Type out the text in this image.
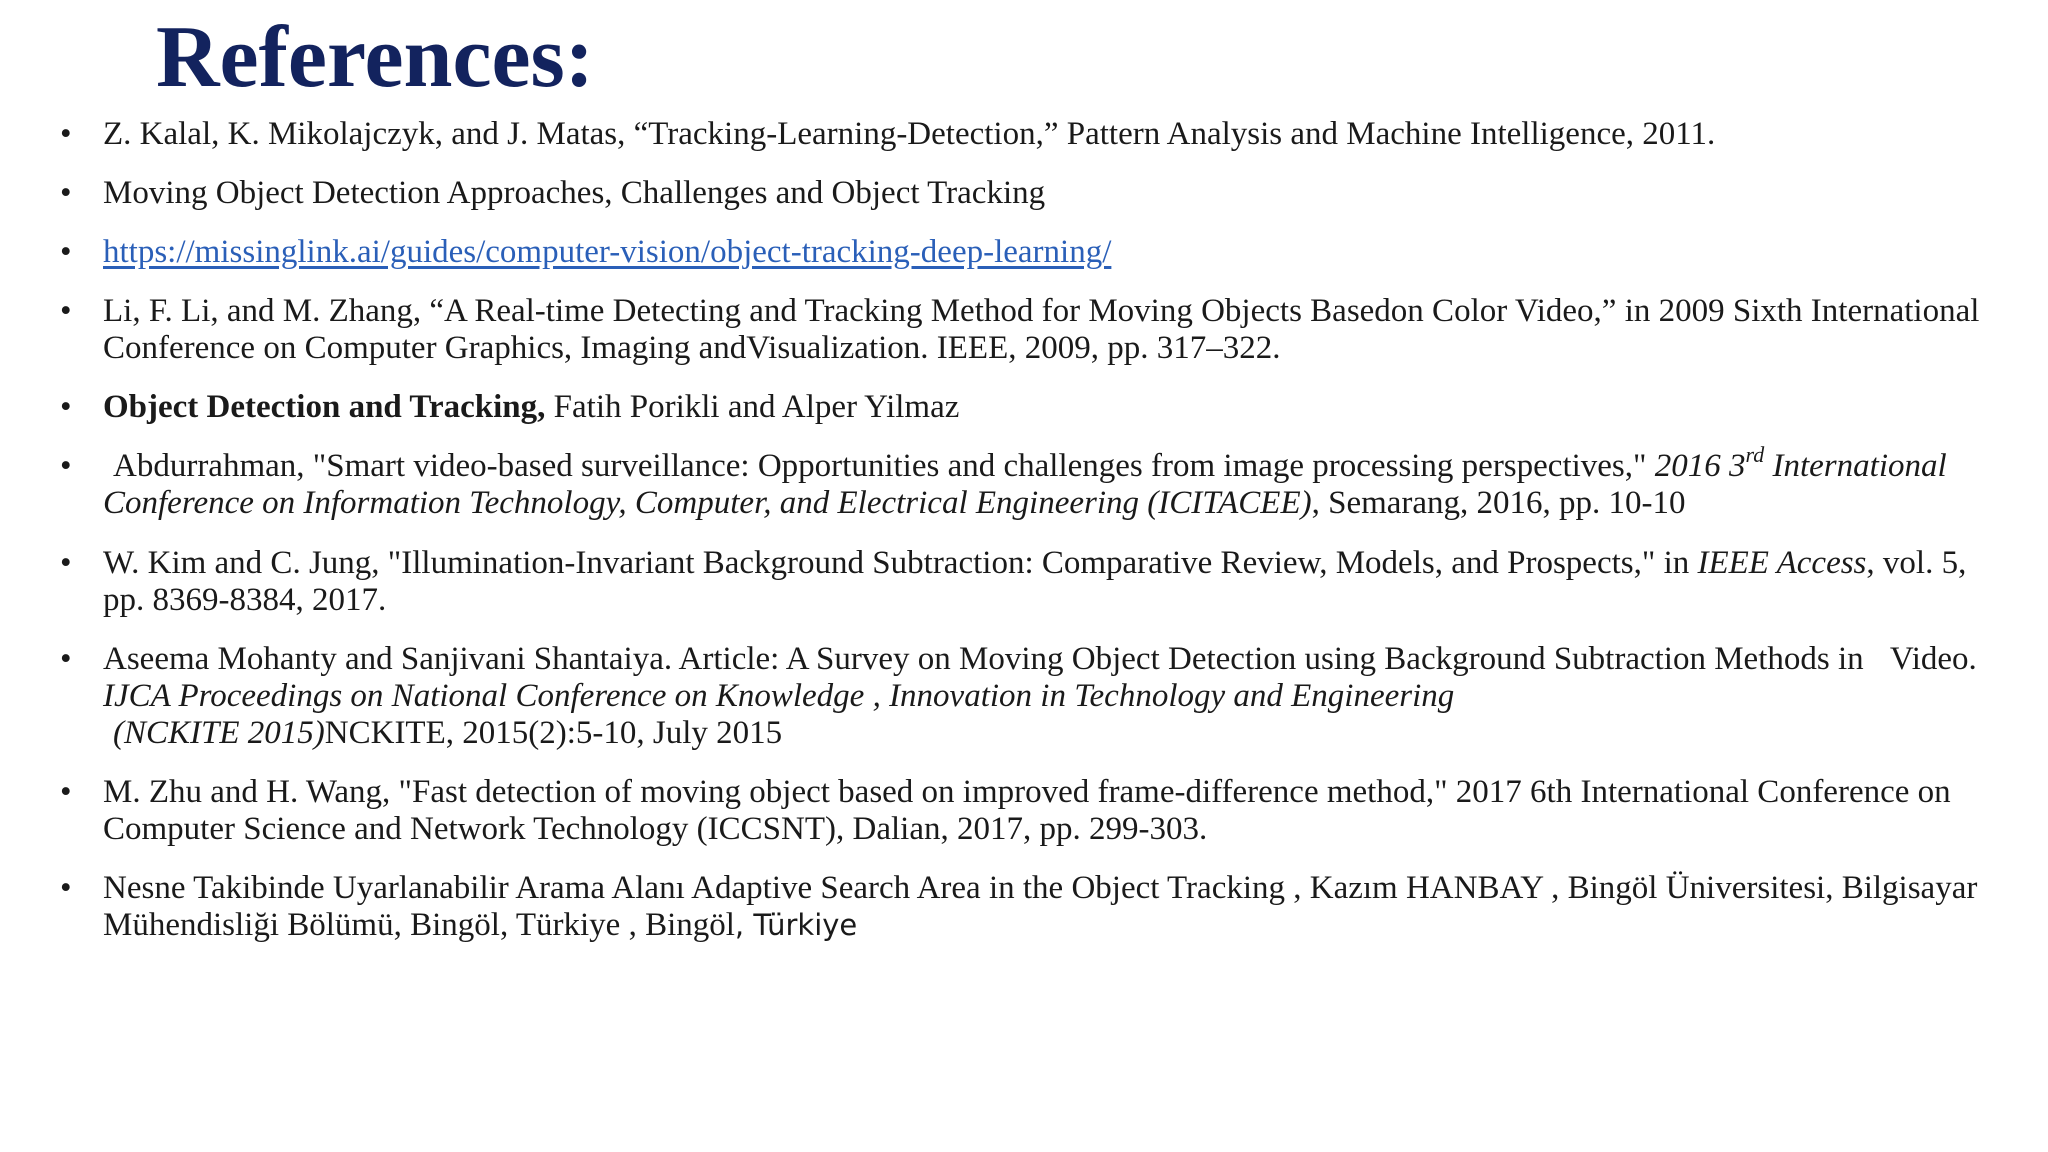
References:
• Z. Kalal, K. Mikolajczyk, and J. Matas, “Tracking-Learning-Detection,” Pattern Analysis and Machine Intelligence, 2011.
• Moving Object Detection Approaches, Challenges and Object Tracking
• https://missinglink.ai/guides/computer-vision/object-tracking-deep-learning/
• Li, F. Li, and M. Zhang, “A Real-time Detecting and Tracking Method for Moving Objects Basedon Color Video,” in 2009 Sixth International Conference on Computer Graphics, Imaging andVisualization. IEEE, 2009, pp. 317–322.
• Object Detection and Tracking, Fatih Porikli and Alper Yilmaz
• Abdurrahman, "Smart video-based surveillance: Opportunities and challenges from image processing perspectives," 2016 3rd International Conference on Information Technology, Computer, and Electrical Engineering (ICITACEE), Semarang, 2016, pp. 10-10
• W. Kim and C. Jung, "Illumination-Invariant Background Subtraction: Comparative Review, Models, and Prospects," in IEEE Access, vol. 5, pp. 8369-8384, 2017.
• Aseema Mohanty and Sanjivani Shantaiya. Article: A Survey on Moving Object Detection using Background Subtraction Methods in Video. IJCA Proceedings on National Conference on Knowledge , Innovation in Technology and Engineering
(NCKITE 2015)NCKITE, 2015(2):5-10, July 2015
• M. Zhu and H. Wang, "Fast detection of moving object based on improved frame-difference method," 2017 6th International Conference on Computer Science and Network Technology (ICCSNT), Dalian, 2017, pp. 299-303.
• Nesne Takibinde Uyarlanabilir Arama Alanı Adaptive Search Area in the Object Tracking , Kazım HANBAY , Bingöl Üniversitesi, Bilgisayar Mühendisliği Bölümü, Bingöl, Türkiye , Bingöl, Türkiye
